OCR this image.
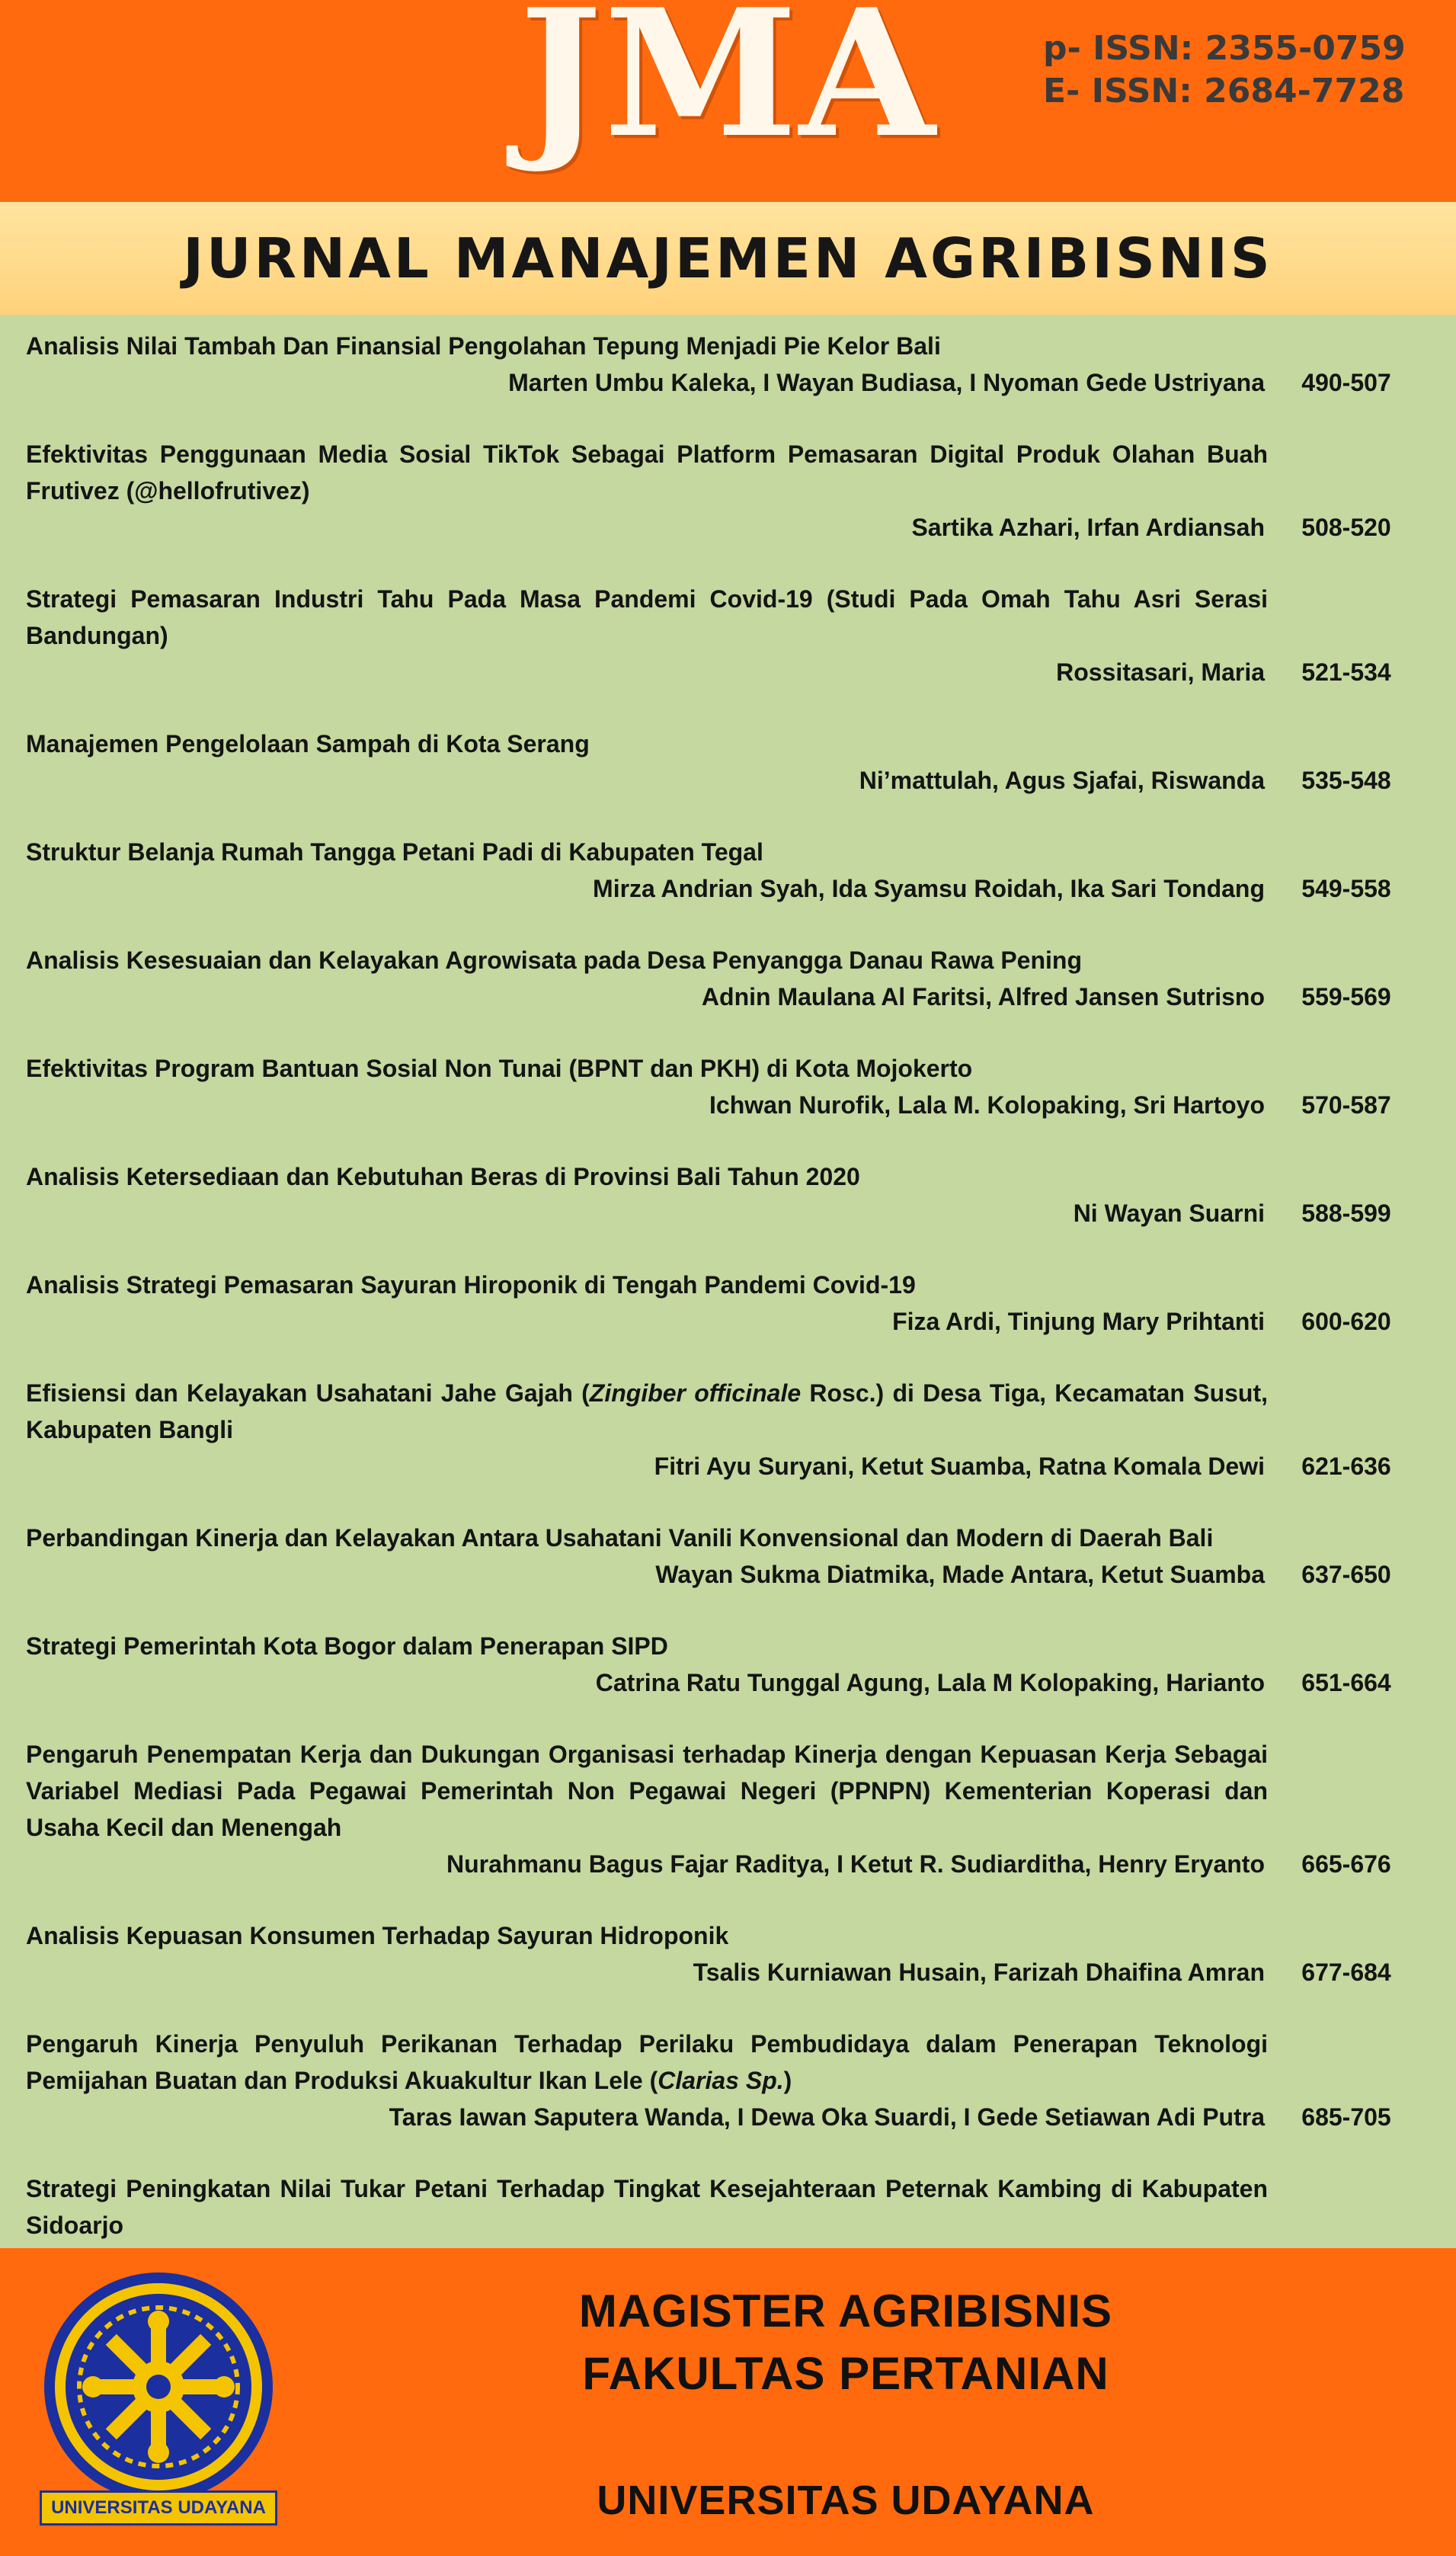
JMA	p- ISSN: 2355-0759
E- ISSN: 2684-7728
JURNAL MANAJEMEN AGRIBISNIS
Analisis Nilai Tambah Dan Finansial Pengolahan Tepung Menjadi Pie Kelor Bali
Marten Umbu Kaleka, I Wayan Budiasa, I Nyoman Gede Ustriyana	490-507
Efektivitas Penggunaan Media Sosial TikTok Sebagai Platform Pemasaran Digital Produk Olahan Buah Frutivez (@hellofrutivez)
Sartika Azhari, Irfan Ardiansah	508-520
Strategi Pemasaran Industri Tahu Pada Masa Pandemi Covid-19 (Studi Pada Omah Tahu Asri Serasi Bandungan)
Rossitasari, Maria	521-534
Manajemen Pengelolaan Sampah di Kota Serang
Ni’mattulah, Agus Sjafai, Riswanda	535-548
Struktur Belanja Rumah Tangga Petani Padi di Kabupaten Tegal
Mirza Andrian Syah, Ida Syamsu Roidah, Ika Sari Tondang	549-558
Analisis Kesesuaian dan Kelayakan Agrowisata pada Desa Penyangga Danau Rawa Pening
Adnin Maulana Al Faritsi, Alfred Jansen Sutrisno	559-569
Efektivitas Program Bantuan Sosial Non Tunai (BPNT dan PKH) di Kota Mojokerto
Ichwan Nurofik, Lala M. Kolopaking, Sri Hartoyo	570-587
Analisis Ketersediaan dan Kebutuhan Beras di Provinsi Bali Tahun 2020
Ni Wayan Suarni	588-599
Analisis Strategi Pemasaran Sayuran Hiroponik di Tengah Pandemi Covid-19
Fiza Ardi, Tinjung Mary Prihtanti	600-620
Efisiensi dan Kelayakan Usahatani Jahe Gajah (Zingiber officinale Rosc.) di Desa Tiga, Kecamatan Susut, Kabupaten Bangli
Fitri Ayu Suryani, Ketut Suamba, Ratna Komala Dewi	621-636
Perbandingan Kinerja dan Kelayakan Antara Usahatani Vanili Konvensional dan Modern di Daerah Bali
Wayan Sukma Diatmika, Made Antara, Ketut Suamba	637-650
Strategi Pemerintah Kota Bogor dalam Penerapan SIPD
Catrina Ratu Tunggal Agung, Lala M Kolopaking, Harianto	651-664
Pengaruh Penempatan Kerja dan Dukungan Organisasi terhadap Kinerja dengan Kepuasan Kerja Sebagai Variabel Mediasi Pada Pegawai Pemerintah Non Pegawai Negeri (PPNPN) Kementerian Koperasi dan Usaha Kecil dan Menengah
Nurahmanu Bagus Fajar Raditya, I Ketut R. Sudiarditha, Henry Eryanto	665-676
Analisis Kepuasan Konsumen Terhadap Sayuran Hidroponik
Tsalis Kurniawan Husain, Farizah Dhaifina Amran	677-684
Pengaruh Kinerja Penyuluh Perikanan Terhadap Perilaku Pembudidaya dalam Penerapan Teknologi Pemijahan Buatan dan Produksi Akuakultur Ikan Lele (Clarias Sp.)
Taras Iawan Saputera Wanda, I Dewa Oka Suardi, I Gede Setiawan Adi Putra	685-705
Strategi Peningkatan Nilai Tukar Petani Terhadap Tingkat Kesejahteraan Peternak Kambing di Kabupaten Sidoarjo
UNIVERSITAS UDAYANA
MAGISTER AGRIBISNIS
FAKULTAS PERTANIAN
UNIVERSITAS UDAYANA
